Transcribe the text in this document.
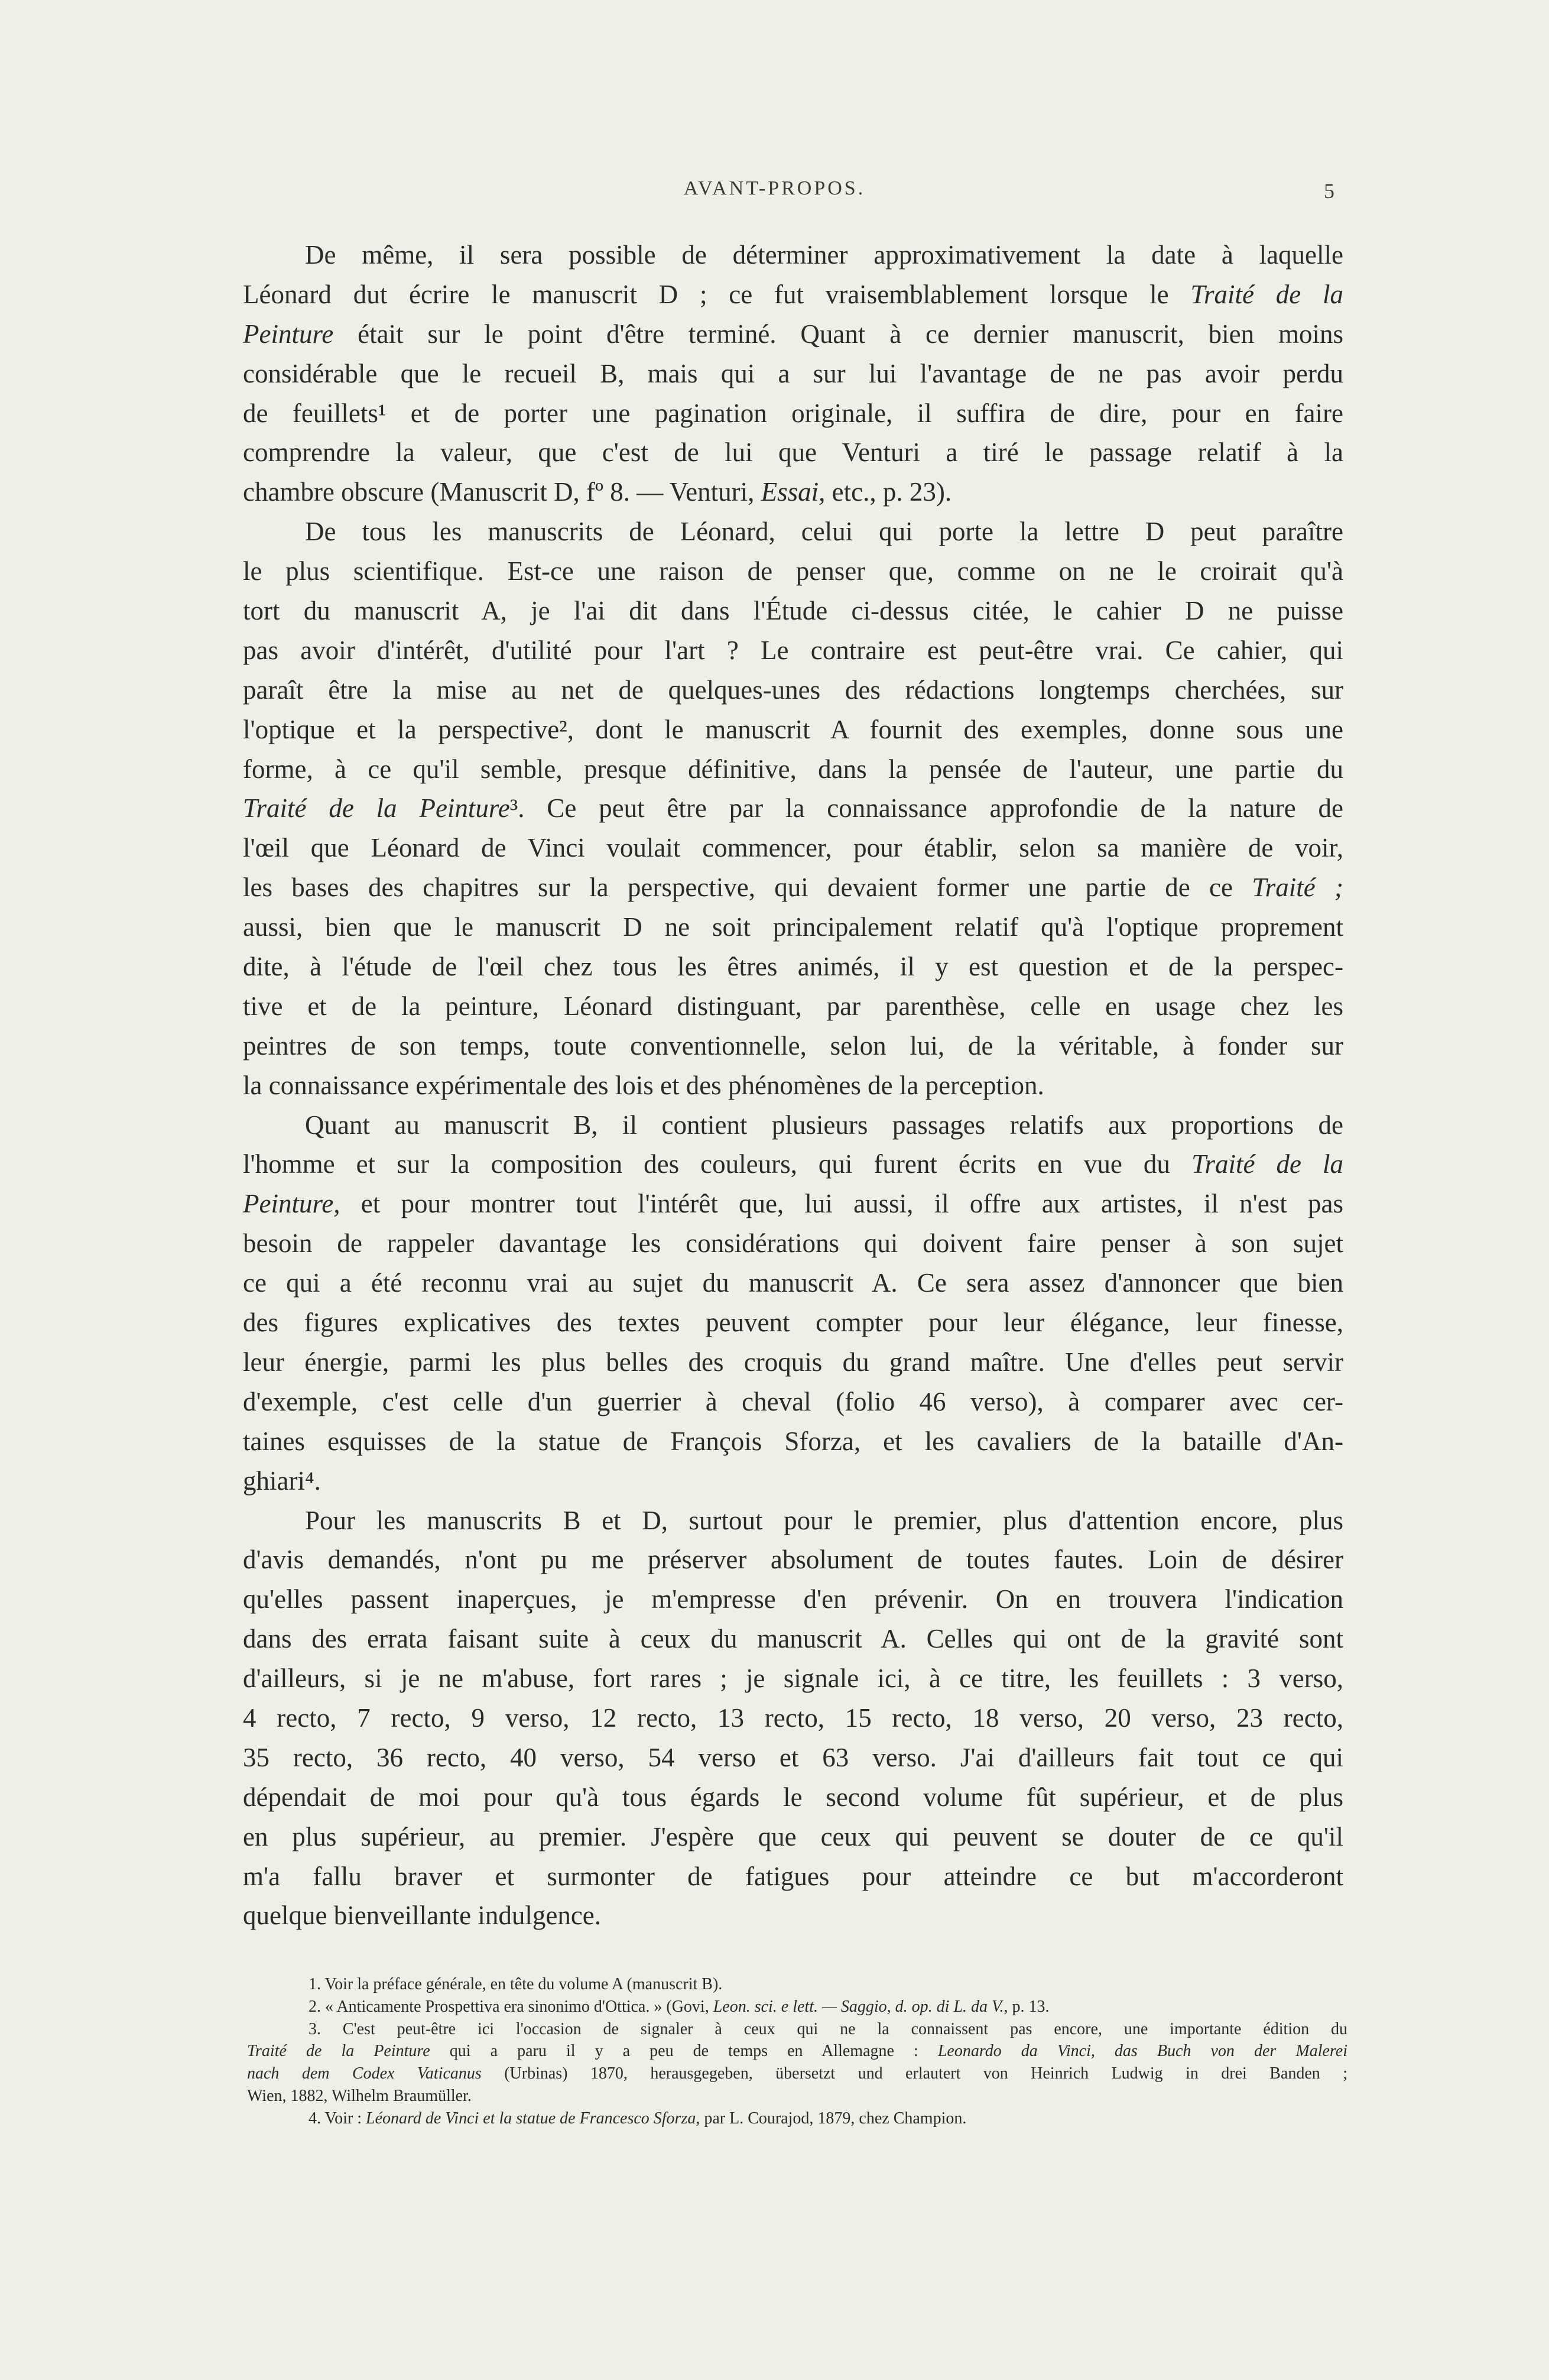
AVANT-PROPOS.	5
De même, il sera possible de déterminer approximativement la date à laquelle
Léonard dut écrire le manuscrit D ; ce fut vraisemblablement lorsque le Traité de la
Peinture était sur le point d'être terminé. Quant à ce dernier manuscrit, bien moins
considérable que le recueil B, mais qui a sur lui l'avantage de ne pas avoir perdu
de feuillets¹ et de porter une pagination originale, il suffira de dire, pour en faire
comprendre la valeur, que c'est de lui que Venturi a tiré le passage relatif à la
chambre obscure (Manuscrit D, fº 8. — Venturi, Essai, etc., p. 23).
De tous les manuscrits de Léonard, celui qui porte la lettre D peut paraître
le plus scientifique. Est-ce une raison de penser que, comme on ne le croirait qu'à
tort du manuscrit A, je l'ai dit dans l'Étude ci-dessus citée, le cahier D ne puisse
pas avoir d'intérêt, d'utilité pour l'art ? Le contraire est peut-être vrai. Ce cahier, qui
paraît être la mise au net de quelques-unes des rédactions longtemps cherchées, sur
l'optique et la perspective², dont le manuscrit A fournit des exemples, donne sous une
forme, à ce qu'il semble, presque définitive, dans la pensée de l'auteur, une partie du
Traité de la Peinture³. Ce peut être par la connaissance approfondie de la nature de
l'œil que Léonard de Vinci voulait commencer, pour établir, selon sa manière de voir,
les bases des chapitres sur la perspective, qui devaient former une partie de ce Traité ;
aussi, bien que le manuscrit D ne soit principalement relatif qu'à l'optique proprement
dite, à l'étude de l'œil chez tous les êtres animés, il y est question et de la perspec-
tive et de la peinture, Léonard distinguant, par parenthèse, celle en usage chez les
peintres de son temps, toute conventionnelle, selon lui, de la véritable, à fonder sur
la connaissance expérimentale des lois et des phénomènes de la perception.
Quant au manuscrit B, il contient plusieurs passages relatifs aux proportions de
l'homme et sur la composition des couleurs, qui furent écrits en vue du Traité de la
Peinture, et pour montrer tout l'intérêt que, lui aussi, il offre aux artistes, il n'est pas
besoin de rappeler davantage les considérations qui doivent faire penser à son sujet
ce qui a été reconnu vrai au sujet du manuscrit A. Ce sera assez d'annoncer que bien
des figures explicatives des textes peuvent compter pour leur élégance, leur finesse,
leur énergie, parmi les plus belles des croquis du grand maître. Une d'elles peut servir
d'exemple, c'est celle d'un guerrier à cheval (folio 46 verso), à comparer avec cer-
taines esquisses de la statue de François Sforza, et les cavaliers de la bataille d'An-
ghiari⁴.
Pour les manuscrits B et D, surtout pour le premier, plus d'attention encore, plus
d'avis demandés, n'ont pu me préserver absolument de toutes fautes. Loin de désirer
qu'elles passent inaperçues, je m'empresse d'en prévenir. On en trouvera l'indication
dans des errata faisant suite à ceux du manuscrit A. Celles qui ont de la gravité sont
d'ailleurs, si je ne m'abuse, fort rares ; je signale ici, à ce titre, les feuillets : 3 verso,
4 recto, 7 recto, 9 verso, 12 recto, 13 recto, 15 recto, 18 verso, 20 verso, 23 recto,
35 recto, 36 recto, 40 verso, 54 verso et 63 verso. J'ai d'ailleurs fait tout ce qui
dépendait de moi pour qu'à tous égards le second volume fût supérieur, et de plus
en plus supérieur, au premier. J'espère que ceux qui peuvent se douter de ce qu'il
m'a fallu braver et surmonter de fatigues pour atteindre ce but m'accorderont
quelque bienveillante indulgence.
1. Voir la préface générale, en tête du volume A (manuscrit B).
2. « Anticamente Prospettiva era sinonimo d'Ottica. » (Govi, Leon. sci. e lett. — Saggio, d. op. di L. da V., p. 13.
3. C'est peut-être ici l'occasion de signaler à ceux qui ne la connaissent pas encore, une importante édition du
Traité de la Peinture qui a paru il y a peu de temps en Allemagne : Leonardo da Vinci, das Buch von der Malerei
nach dem Codex Vaticanus (Urbinas) 1870, herausgegeben, übersetzt und erlautert von Heinrich Ludwig in drei Banden ;
Wien, 1882, Wilhelm Braumüller.
4. Voir : Léonard de Vinci et la statue de Francesco Sforza, par L. Courajod, 1879, chez Champion.
